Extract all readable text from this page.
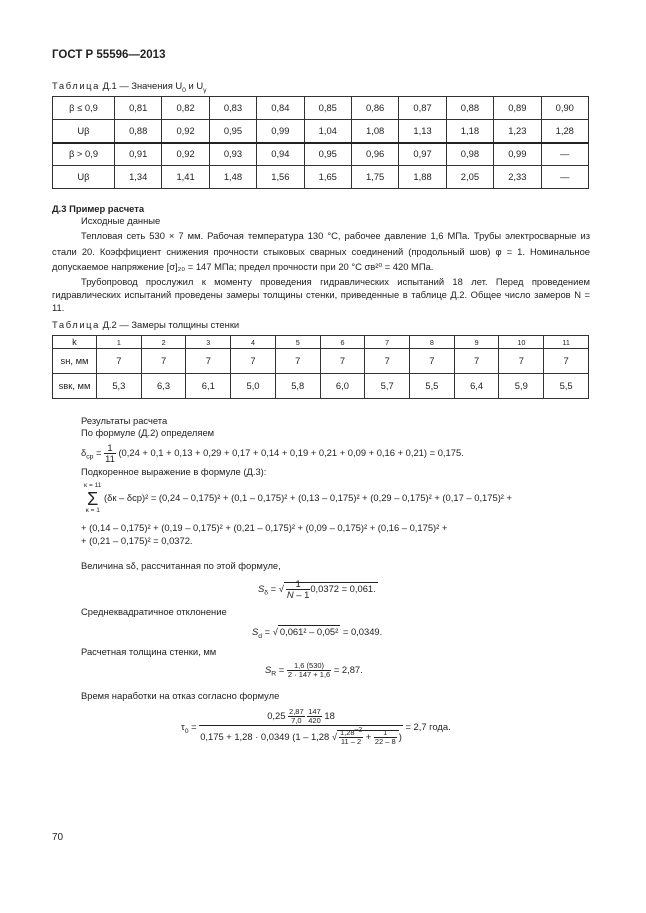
ГОСТ Р 55596—2013
Таблица Д.1 — Значения $U_0$ и $U_\gamma$
β ≤ 0,9	0,81	0,82	0,83	0,84	0,85	0,86	0,87	0,88	0,89	0,90
Uβ	0,88	0,92	0,95	0,99	1,04	1,08	1,13	1,18	1,23	1,28
β > 0,9	0,91	0,92	0,93	0,94	0,95	0,96	0,97	0,98	0,99	—
Uβ	1,34	1,41	1,48	1,56	1,65	1,75	1,88	2,05	2,33	—
Д.3 Пример расчета
Исходные данные
Тепловая сеть 530 × 7 мм. Рабочая температура 130 °С, рабочее давление 1,6 МПа. Трубы электросварные из стали 20. Коэффициент снижения прочности стыковых сварных соединений (продольный шов) φ = 1. Номинальное допускаемое напряжение [σ]₂₀ = 147 МПа; предел прочности при 20 °С σв²⁰ = 420 МПа.
Трубопровод прослужил к моменту проведения гидравлических испытаний 18 лет. Перед проведением гидравлических испытаний проведены замеры толщины стенки, приведенные в таблице Д.2. Общее число замеров N = 11.
Таблица Д.2 — Замеры толщины стенки
k	1	2	3	4	5	6	7	8	9	10	11
sн, мм	7	7	7	7	7	7	7	7	7	7	7
sвк, мм	5,3	6,3	6,1	5,0	5,8	6,0	5,7	5,5	6,4	5,9	5,5
Результаты расчета
По формуле (Д.2) определяем
$\delta_{ср} = \frac{1}{11} (0,24 + 0,1 + 0,13 + 0,29 + 0,17 + 0,14 + 0,19 + 0,21 + 0,09 + 0,16 + 0,21) = 0,175$.
Подкоренное выражение в формуле (Д.3):
κ = 11
Σ
κ = 1
(δк – δср)² = (0,24 – 0,175)² + (0,1 – 0,175)² + (0,13 – 0,175)² + (0,29 – 0,175)² + (0,17 – 0,175)² +
+ (0,14 – 0,175)² + (0,19 – 0,175)² + (0,21 – 0,175)² + (0,09 – 0,175)² + (0,16 – 0,175)² +
+ (0,21 – 0,175)² = 0,0372.
Величина sδ, рассчитанная по этой формуле,
$S_\delta$ = √ $\frac{1}{N - 1} 0,0372 = 0,061$.
Среднеквадратичное отклонение
$S_d$ = √ 0,061² – 0,05² = 0,0349.
Расчетная толщина стенки, мм
$S_R = \frac{1,6 (530)}{2 \cdot 147 + 1,6} = 2,87$.
Время наработки на отказ согласно формуле
$\tau_0 = 0,25 \frac{2,87}{7,0}$
$\frac{147}{420} 18$
0,175 + 1,28 · 0,0349 (1 – 1,28 √ $\frac{1,28^{-2}}{11 - 2} + \frac{1}{22 - 8}$ ) = 2,7 года.
70
